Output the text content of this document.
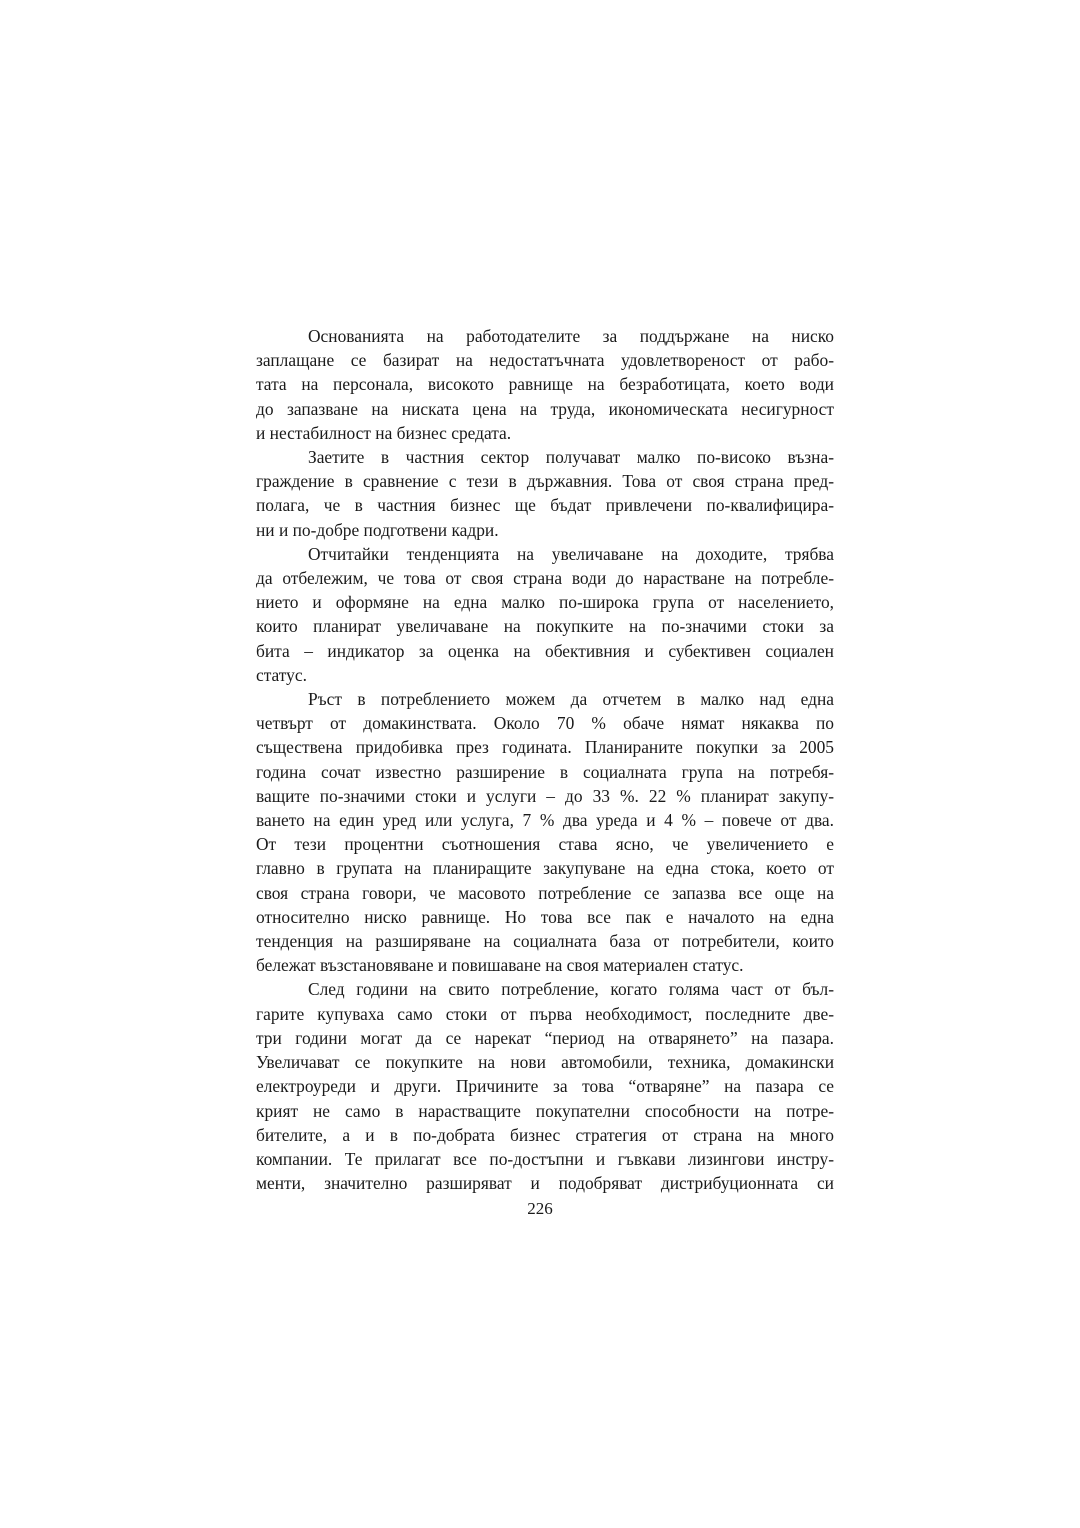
Основанията на работодателите за поддържане на ниско
заплащане се базират на недостатъчната удовлетвореност от рабо-
тата на персонала, високото равнище на безработицата, което води
до запазване на ниската цена на труда, икономическата несигурност
и нестабилност на бизнес средата.
Заетите в частния сектор получават малко по-високо възна-
граждение в сравнение с тези в държавния. Това от своя страна пред-
полага, че в частния бизнес ще бъдат привлечени по-квалифицира-
ни и по-добре подготвени кадри.
Отчитайки тенденцията на увеличаване на доходите, трябва
да отбележим, че това от своя страна води до нарастване на потребле-
нието и оформяне на една малко по-широка група от населението,
които планират увеличаване на покупките на по-значими стоки за
бита – индикатор за оценка на обективния и субективен социален
статус.
Ръст в потреблението можем да отчетем в малко над една
четвърт от домакинствата. Около 70 % обаче нямат някаква по
съществена придобивка през годината. Планираните покупки за 2005
година сочат известно разширение в социалната група на потребя-
ващите по-значими стоки и услуги – до 33 %. 22 % планират закупу-
ването на един уред или услуга, 7 % два уреда и 4 % – повече от два.
От тези процентни съотношения става ясно, че увеличението е
главно в групата на планиращите закупуване на една стока, което от
своя страна говори, че масовото потребление се запазва все още на
относително ниско равнище. Но това все пак е началото на една
тенденция на разширяване на социалната база от потребители, които
бележат възстановяване и повишаване на своя материален статус.
След години на свито потребление, когато голяма част от бъл-
гарите купуваха само стоки от първа необходимост, последните две-
три години могат да се нарекат “период на отварянето” на пазара.
Увеличават се покупките на нови автомобили, техника, домакински
електроуреди и други. Причините за това “отваряне” на пазара се
крият не само в нарастващите покупателни способности на потре-
бителите, а и в по-добрата бизнес стратегия от страна на много
компании. Те прилагат все по-достъпни и гъвкави лизингови инстру-
менти, значително разширяват и подобряват дистрибуционната си
226
